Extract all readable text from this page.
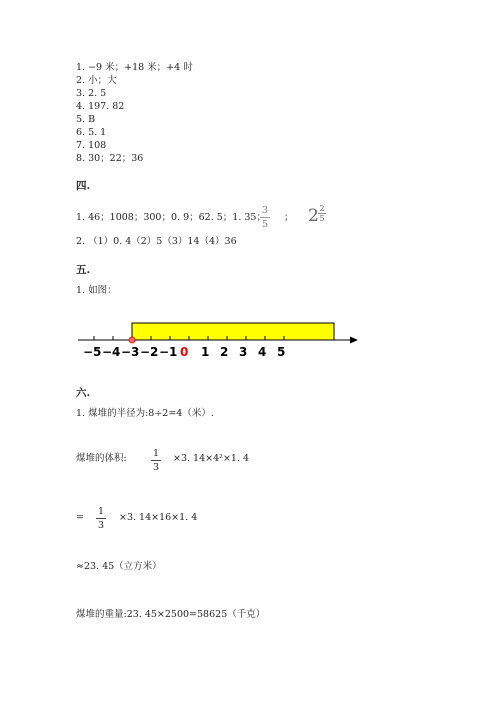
1. −9 米；+18 米；+4 时
2. 小；大
3. 2. 5
4. 197. 82
5. B
6. 5. 1
7. 108
8. 30；22；36
四.
1. 46；1008；300；0. 9；62. 5；1. 35；
3
5
； 2 2
5
2. （1）0. 4（2）5（3）14（4）36
五.
1. 如图：
−5 −4 −3 −2 −1 0 1 2 3 4 5
六.
1. 煤堆的半径为:8÷2=4（米）.
煤堆的体积:	1
3
×3. 14×4²×1. 4
=
1
3
×3. 14×16×1. 4
≈23. 45（立方米）
煤堆的重量:23. 45×2500=58625（千克）
